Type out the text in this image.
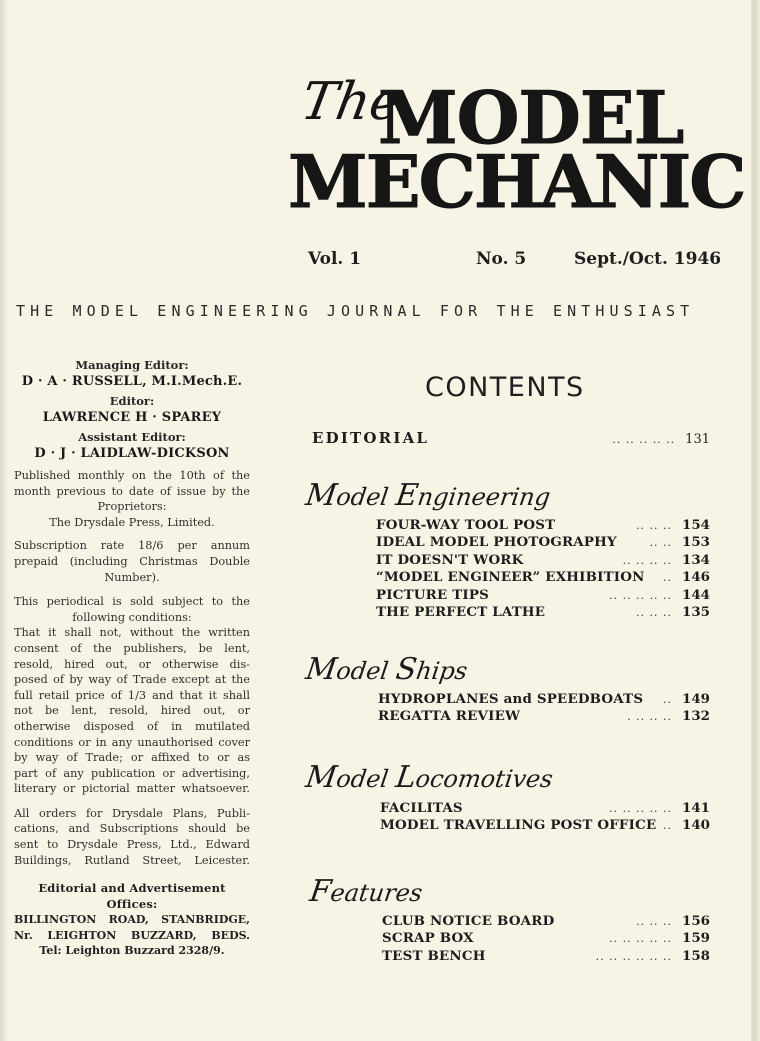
The
MODEL
MECHANIC
Vol. 1	No. 5	Sept./Oct. 1946
THE MODEL ENGINEERING JOURNAL FOR THE ENTHUSIAST
Managing Editor:
D · A · RUSSELL, M.I.Mech.E.
Editor:
LAWRENCE H · SPAREY
Assistant Editor:
D · J · LAIDLAW-DICKSON
Published monthly on the 10th of the
month previous to date of issue by the
Proprietors:
The Drysdale Press, Limited.
Subscription rate 18/6 per annum
prepaid (including Christmas Double
Number).
This periodical is sold subject to the
following conditions:
That it shall not, without the written
consent of the publishers, be lent,
resold, hired out, or otherwise dis-
posed of by way of Trade except at the
full retail price of 1/3 and that it shall
not be lent, resold, hired out, or
otherwise disposed of in mutilated
conditions or in any unauthorised cover
by way of Trade; or affixed to or as
part of any publication or advertising,
literary or pictorial matter whatsoever.
All orders for Drysdale Plans, Publi-
cations, and Subscriptions should be
sent to Drysdale Press, Ltd., Edward
Buildings, Rutland Street, Leicester.
Editorial and Advertisement Offices:
BILLINGTON ROAD, STANBRIDGE,
Nr. LEIGHTON BUZZARD, BEDS.
Tel: Leighton Buzzard 2328/9.
CONTENTS
EDITORIAL	.. .. .. .. .. 131
Model Engineering
FOUR-WAY TOOL POST	.. .. .. 154
IDEAL MODEL PHOTOGRAPHY	.. .. 153
IT DOESN'T WORK	.. .. .. .. 134
“MODEL ENGINEER” EXHIBITION	.. 146
PICTURE TIPS	.. .. .. .. .. 144
THE PERFECT LATHE	.. .. .. 135
Model Ships
HYDROPLANES and SPEEDBOATS	.. 149
REGATTA REVIEW	. .. .. .. 132
Model Locomotives
FACILITAS	.. .. .. .. .. 141
MODEL TRAVELLING POST OFFICE .. 140
Features
CLUB NOTICE BOARD	.. .. .. 156
SCRAP BOX	.. .. .. .. .. 159
TEST BENCH	.. .. .. .. .. .. 158
